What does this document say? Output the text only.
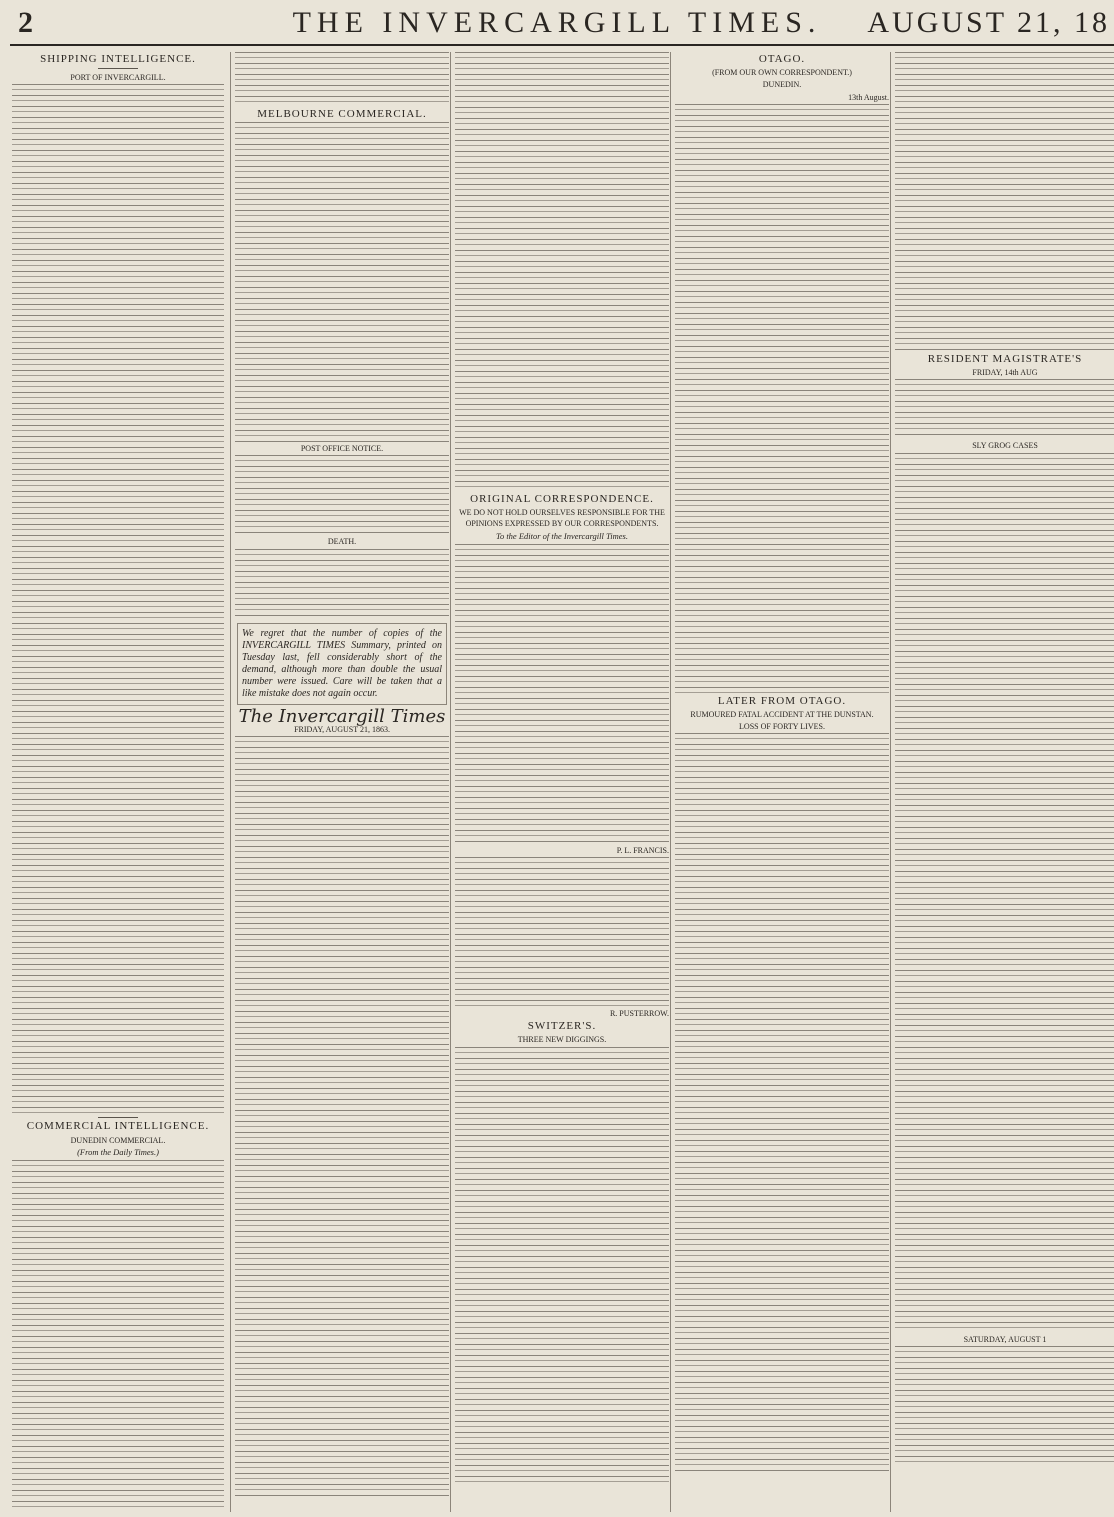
2	THE INVERCARGILL TIMES.	AUGUST 21, 18
SHIPPING INTELLIGENCE.
PORT OF INVERCARGILL.
COMMERCIAL INTELLIGENCE.
DUNEDIN COMMERCIAL.
(From the Daily Times.)
MELBOURNE COMMERCIAL.
POST OFFICE NOTICE.
DEATH.
We regret that the number of copies of the INVERCARGILL TIMES Summary, printed on Tuesday last, fell considerably short of the demand, although more than double the usual number were issued. Care will be taken that a like mistake does not again occur.
The Invercargill Times
FRIDAY, AUGUST 21, 1863.
ORIGINAL CORRESPONDENCE.
WE DO NOT HOLD OURSELVES RESPONSIBLE FOR THE OPINIONS EXPRESSED BY OUR CORRESPONDENTS.
To the Editor of the Invercargill Times.
P. L. FRANCIS.
R. PUSTERROW.
SWITZER'S.
THREE NEW DIGGINGS.
OTAGO.
(FROM OUR OWN CORRESPONDENT.)
DUNEDIN.
13th August.
LATER FROM OTAGO.
RUMOURED FATAL ACCIDENT AT THE DUNSTAN.
LOSS OF FORTY LIVES.
RESIDENT MAGISTRATE'S
FRIDAY, 14th AUG
SLY GROG CASES
SATURDAY, AUGUST 1
